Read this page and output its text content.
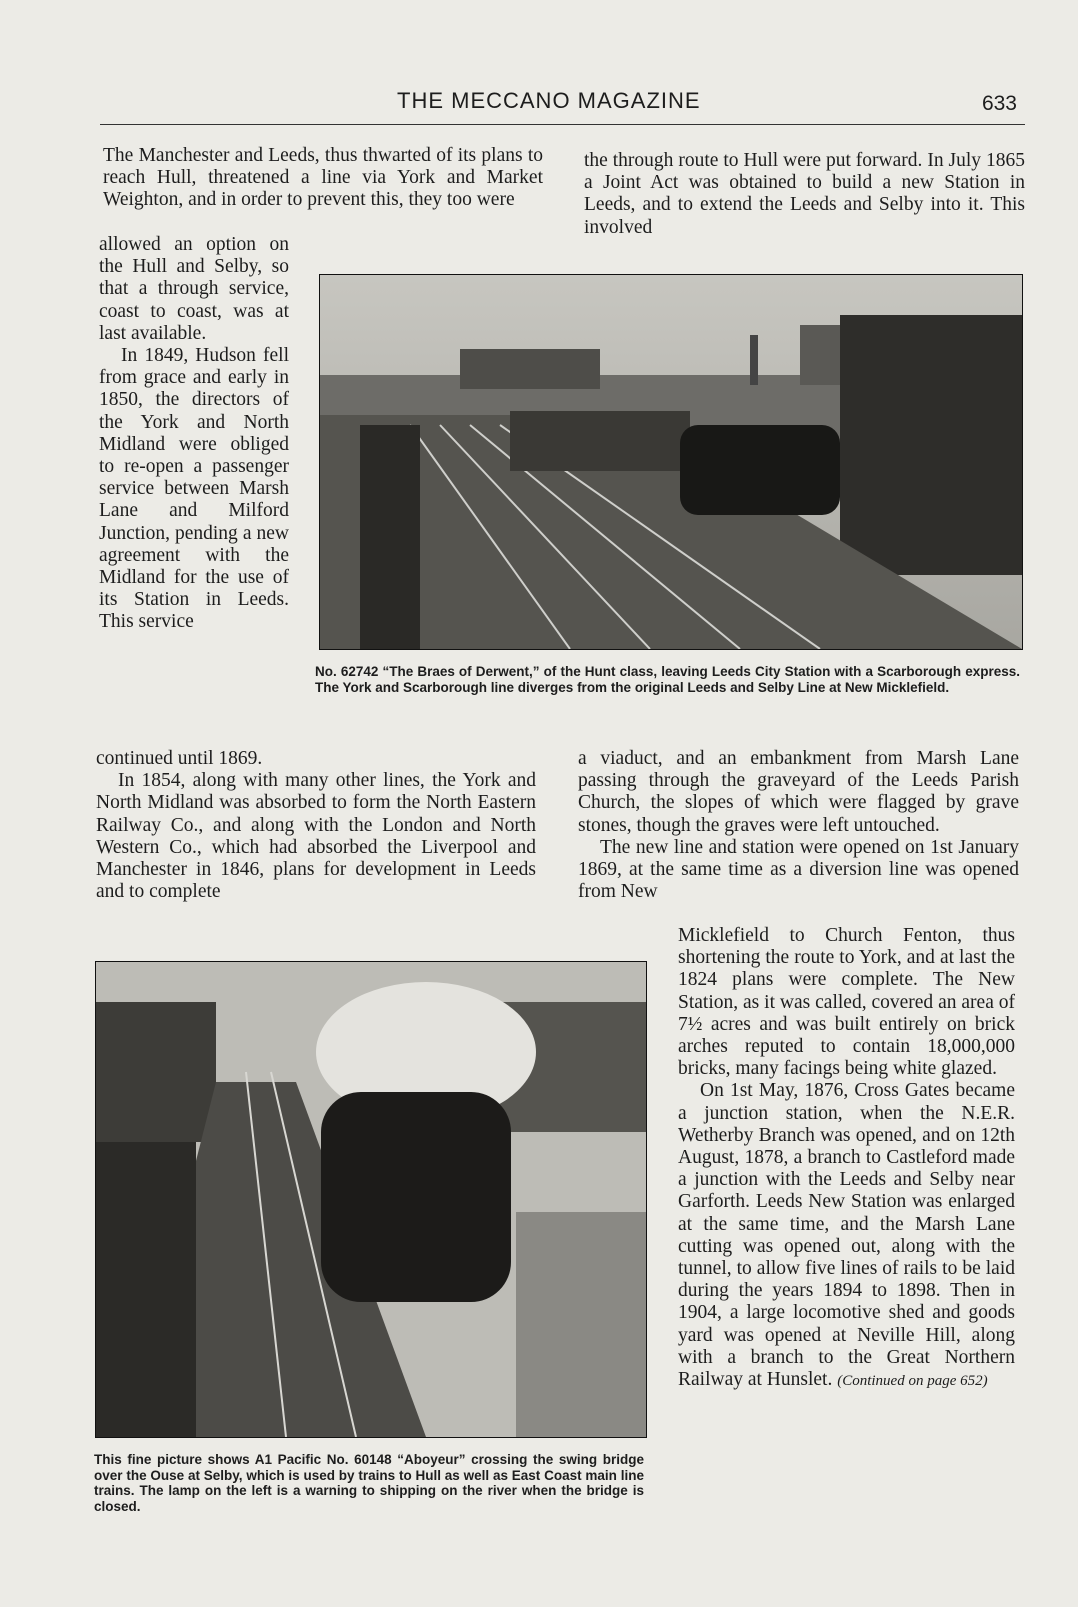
THE MECCANO MAGAZINE	633

The Manchester and Leeds, thus thwarted of its plans to reach Hull, threatened a line via York and Market Weighton, and in order to prevent this, they too were

the through route to Hull were put forward. In July 1865 a Joint Act was obtained to build a new Station in Leeds, and to extend the Leeds and Selby into it. This involved

allowed an option on the Hull and Selby, so that a through service, coast to coast, was at last available.

In 1849, Hudson fell from grace and early in 1850, the directors of the York and North Midland were obliged to re-open a passenger service between Marsh Lane and Milford Junction, pending a new agreement with the Midland for the use of its Station in Leeds. This service

No. 62742 “The Braes of Derwent,” of the Hunt class, leaving Leeds City Station with a Scarborough express. The York and Scarborough line diverges from the original Leeds and Selby Line at New Micklefield.

continued until 1869.

In 1854, along with many other lines, the York and North Midland was absorbed to form the North Eastern Railway Co., and along with the London and North Western Co., which had absorbed the Liverpool and Manchester in 1846, plans for development in Leeds and to complete

a viaduct, and an embankment from Marsh Lane passing through the graveyard of the Leeds Parish Church, the slopes of which were flagged by grave stones, though the graves were left untouched.

The new line and station were opened on 1st January 1869, at the same time as a diversion line was opened from New

This fine picture shows A1 Pacific No. 60148 “Aboyeur” crossing the swing bridge over the Ouse at Selby, which is used by trains to Hull as well as East Coast main line trains. The lamp on the left is a warning to shipping on the river when the bridge is closed.

Micklefield to Church Fenton, thus shortening the route to York, and at last the 1824 plans were complete. The New Station, as it was called, covered an area of 7½ acres and was built entirely on brick arches reputed to contain 18,000,000 bricks, many facings being white glazed.

On 1st May, 1876, Cross Gates became a junction station, when the N.E.R. Wetherby Branch was opened, and on 12th August, 1878, a branch to Castleford made a junction with the Leeds and Selby near Garforth. Leeds New Station was enlarged at the same time, and the Marsh Lane cutting was opened out, along with the tunnel, to allow five lines of rails to be laid during the years 1894 to 1898. Then in 1904, a large locomotive shed and goods yard was opened at Neville Hill, along with a branch to the Great Northern Railway at Hunslet. (Continued on page 652)
